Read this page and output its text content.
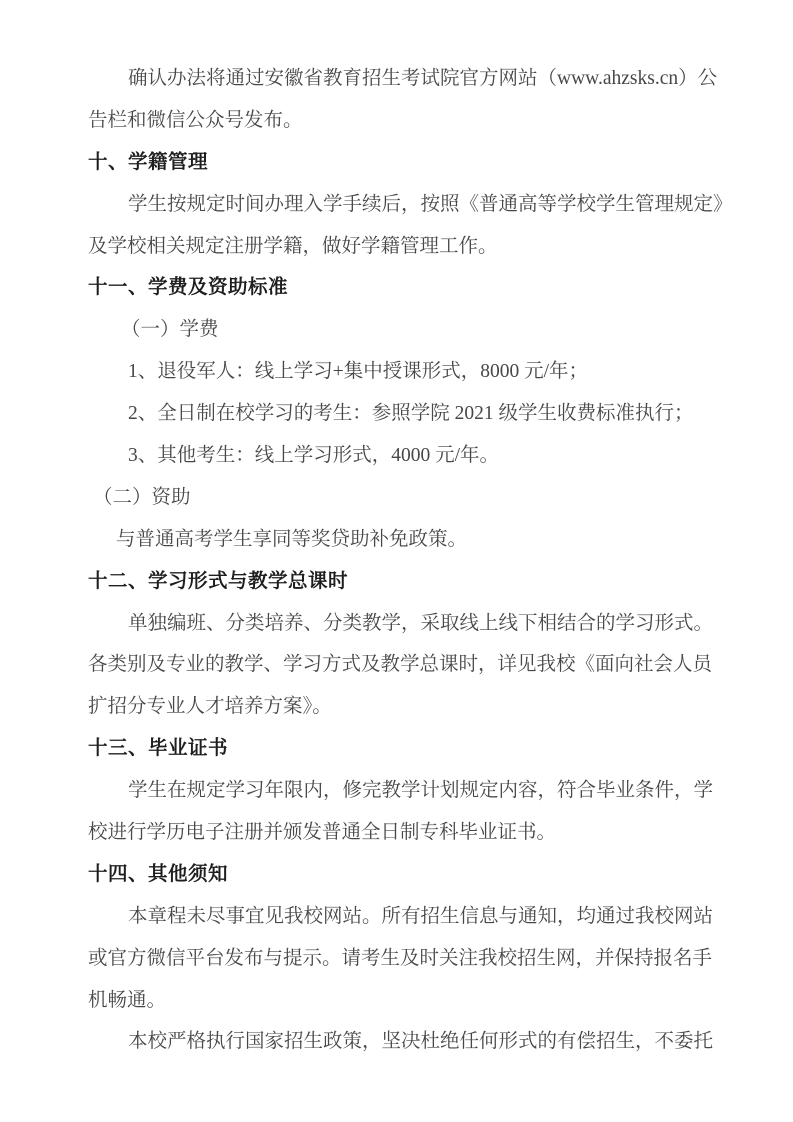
确认办法将通过安徽省教育招生考试院官方网站（www.ahzsks.cn）公
告栏和微信公众号发布。
十、学籍管理
学生按规定时间办理入学手续后，按照《普通高等学校学生管理规定》
及学校相关规定注册学籍，做好学籍管理工作。
十一、学费及资助标准
（一）学费
1、退役军人：线上学习+集中授课形式，8000 元/年；
2、全日制在校学习的考生：参照学院 2021 级学生收费标准执行；
3、其他考生：线上学习形式，4000 元/年。
（二）资助
与普通高考学生享同等奖贷助补免政策。
十二、学习形式与教学总课时
单独编班、分类培养、分类教学，采取线上线下相结合的学习形式。
各类别及专业的教学、学习方式及教学总课时，详见我校《面向社会人员
扩招分专业人才培养方案》。
十三、毕业证书
学生在规定学习年限内，修完教学计划规定内容，符合毕业条件，学
校进行学历电子注册并颁发普通全日制专科毕业证书。
十四、其他须知
本章程未尽事宜见我校网站。所有招生信息与通知，均通过我校网站
或官方微信平台发布与提示。请考生及时关注我校招生网，并保持报名手
机畅通。
本校严格执行国家招生政策，坚决杜绝任何形式的有偿招生，不委托
